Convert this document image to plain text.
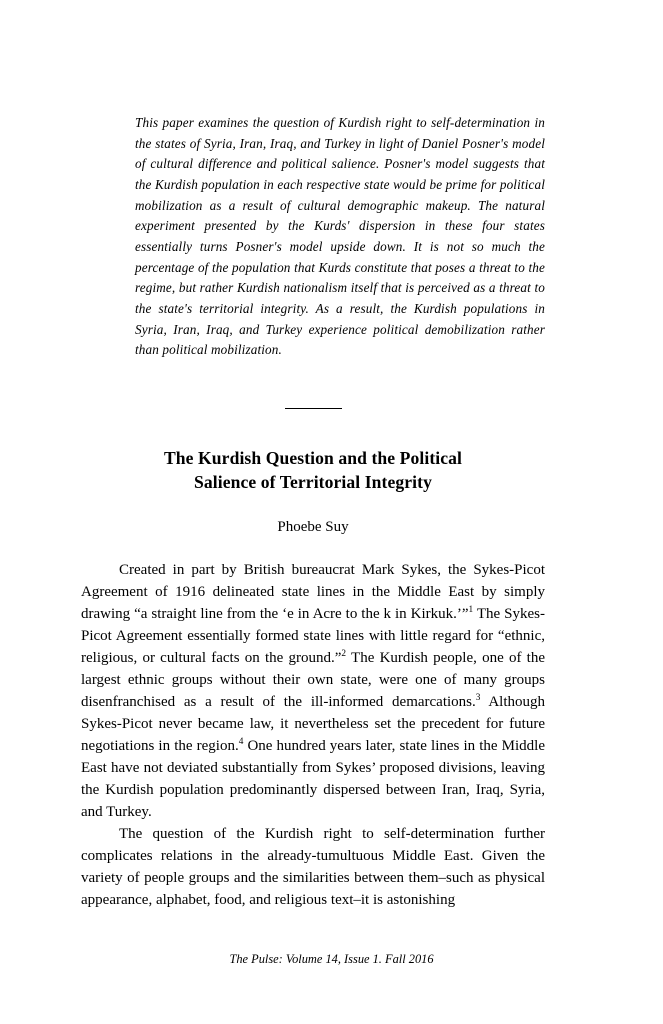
This paper examines the question of Kurdish right to self-determination in the states of Syria, Iran, Iraq, and Turkey in light of Daniel Posner's model of cultural difference and political salience. Posner's model suggests that the Kurdish population in each respective state would be prime for political mobilization as a result of cultural demographic makeup. The natural experiment presented by the Kurds' dispersion in these four states essentially turns Posner's model upside down. It is not so much the percentage of the population that Kurds constitute that poses a threat to the regime, but rather Kurdish nationalism itself that is perceived as a threat to the state's territorial integrity. As a result, the Kurdish populations in Syria, Iran, Iraq, and Turkey experience political demobilization rather than political mobilization.
The Kurdish Question and the Political
Salience of Territorial Integrity
Phoebe Suy

Created in part by British bureaucrat Mark Sykes, the Sykes-Picot Agreement of 1916 delineated state lines in the Middle East by simply drawing “a straight line from the ‘e in Acre to the k in Kirkuk.’”$^1$ The Sykes-Picot Agreement essentially formed state lines with little regard for “ethnic, religious, or cultural facts on the ground.”$^2$ The Kurdish people, one of the largest ethnic groups without their own state, were one of many groups disenfranchised as a result of the ill-informed demarcations.$^3$ Although Sykes-Picot never became law, it nevertheless set the precedent for future negotiations in the region.$^4$ One hundred years later, state lines in the Middle East have not deviated substantially from Sykes’ proposed divisions, leaving the Kurdish population predominantly dispersed between Iran, Iraq, Syria, and Turkey.

The question of the Kurdish right to self-determination further complicates relations in the already-tumultuous Middle East. Given the variety of people groups and the similarities between them–such as physical appearance, alphabet, food, and religious text–it is astonishing

The Pulse: Volume 14, Issue 1. Fall 2016
